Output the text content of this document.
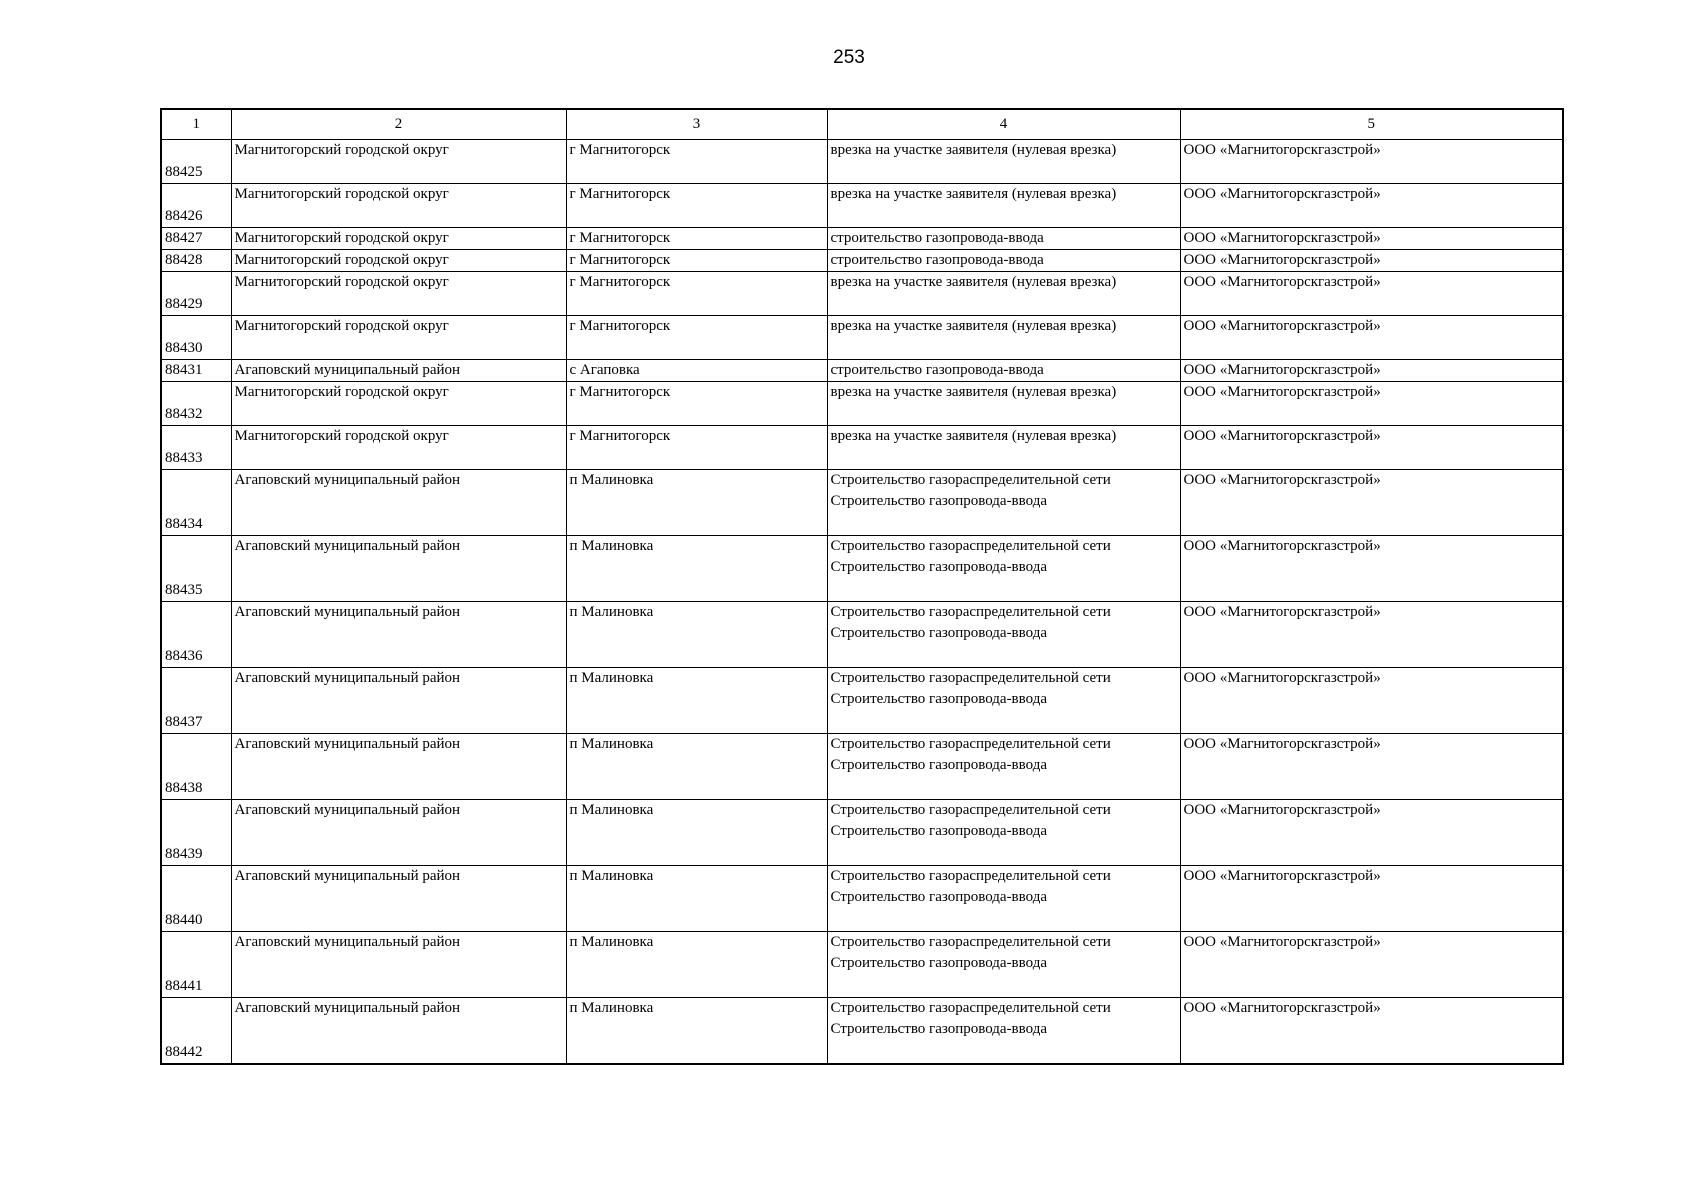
253
1	2	3	4	5
88425	Магнитогорский городской округ	г Магнитогорск	врезка на участке заявителя (нулевая врезка)	ООО «Магнитогорскгазстрой»
88426	Магнитогорский городской округ	г Магнитогорск	врезка на участке заявителя (нулевая врезка)	ООО «Магнитогорскгазстрой»
88427	Магнитогорский городской округ	г Магнитогорск	строительство газопровода-ввода	ООО «Магнитогорскгазстрой»
88428	Магнитогорский городской округ	г Магнитогорск	строительство газопровода-ввода	ООО «Магнитогорскгазстрой»
88429	Магнитогорский городской округ	г Магнитогорск	врезка на участке заявителя (нулевая врезка)	ООО «Магнитогорскгазстрой»
88430	Магнитогорский городской округ	г Магнитогорск	врезка на участке заявителя (нулевая врезка)	ООО «Магнитогорскгазстрой»
88431	Агаповский муниципальный район	с Агаповка	строительство газопровода-ввода	ООО «Магнитогорскгазстрой»
88432	Магнитогорский городской округ	г Магнитогорск	врезка на участке заявителя (нулевая врезка)	ООО «Магнитогорскгазстрой»
88433	Магнитогорский городской округ	г Магнитогорск	врезка на участке заявителя (нулевая врезка)	ООО «Магнитогорскгазстрой»
88434	Агаповский муниципальный район	п Малиновка	Строительство газораспределительной сети
Строительство газопровода-ввода	ООО «Магнитогорскгазстрой»
88435	Агаповский муниципальный район	п Малиновка	Строительство газораспределительной сети
Строительство газопровода-ввода	ООО «Магнитогорскгазстрой»
88436	Агаповский муниципальный район	п Малиновка	Строительство газораспределительной сети
Строительство газопровода-ввода	ООО «Магнитогорскгазстрой»
88437	Агаповский муниципальный район	п Малиновка	Строительство газораспределительной сети
Строительство газопровода-ввода	ООО «Магнитогорскгазстрой»
88438	Агаповский муниципальный район	п Малиновка	Строительство газораспределительной сети
Строительство газопровода-ввода	ООО «Магнитогорскгазстрой»
88439	Агаповский муниципальный район	п Малиновка	Строительство газораспределительной сети
Строительство газопровода-ввода	ООО «Магнитогорскгазстрой»
88440	Агаповский муниципальный район	п Малиновка	Строительство газораспределительной сети
Строительство газопровода-ввода	ООО «Магнитогорскгазстрой»
88441	Агаповский муниципальный район	п Малиновка	Строительство газораспределительной сети
Строительство газопровода-ввода	ООО «Магнитогорскгазстрой»
88442	Агаповский муниципальный район	п Малиновка	Строительство газораспределительной сети
Строительство газопровода-ввода	ООО «Магнитогорскгазстрой»
